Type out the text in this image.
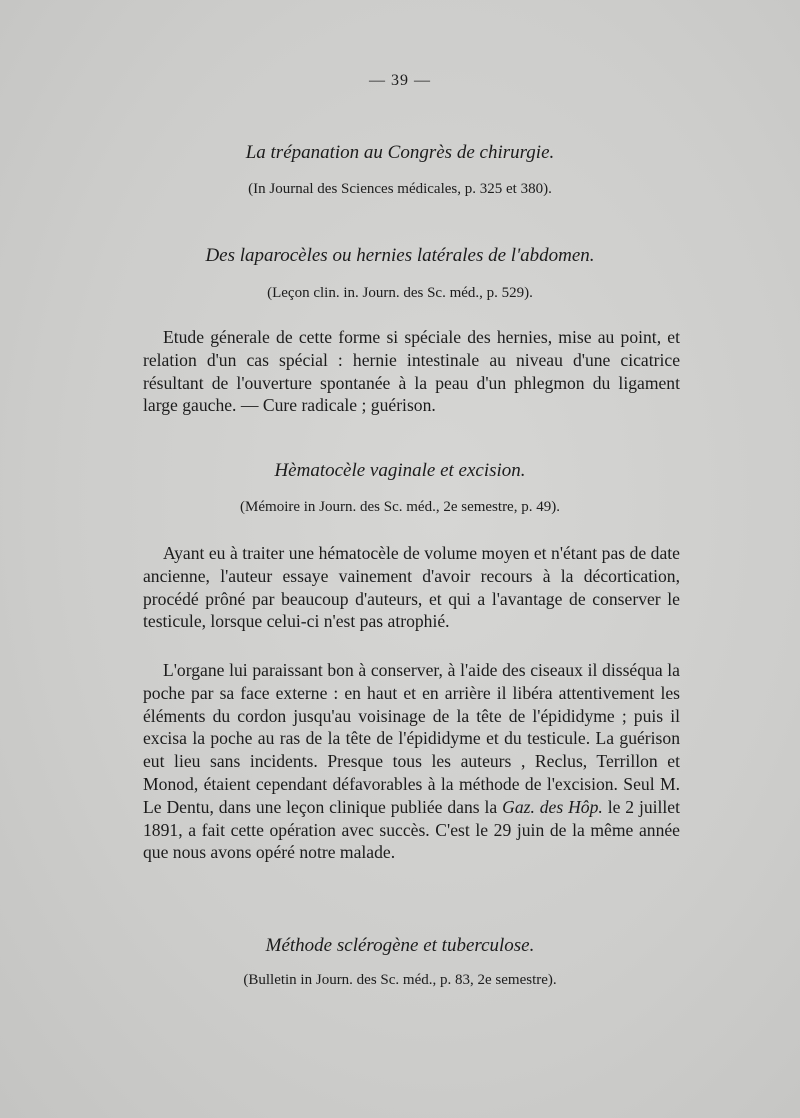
— 39 —
La trépanation au Congrès de chirurgie.
(In Journal des Sciences médicales, p. 325 et 380).
Des laparocèles ou hernies latérales de l'abdomen.
(Leçon clin. in. Journ. des Sc. méd., p. 529).

Etude génerale de cette forme si spéciale des hernies, mise au point, et relation d'un cas spécial : hernie intestinale au niveau d'une cicatrice résultant de l'ouverture spontanée à la peau d'un phlegmon du ligament large gauche. — Cure radicale ; guérison.

Hèmatocèle vaginale et excision.
(Mémoire in Journ. des Sc. méd., 2e semestre, p. 49).

Ayant eu à traiter une hématocèle de volume moyen et n'étant pas de date ancienne, l'auteur essaye vainement d'avoir recours à la décortication, procédé prôné par beaucoup d'auteurs, et qui a l'avantage de conserver le testicule, lorsque celui-ci n'est pas atrophié.

L'organe lui paraissant bon à conserver, à l'aide des ciseaux il disséqua la poche par sa face externe : en haut et en arrière il libéra attentivement les éléments du cordon jusqu'au voisinage de la tête de l'épididyme ; puis il excisa la poche au ras de la tête de l'épididyme et du testicule. La guérison eut lieu sans incidents. Presque tous les auteurs , Reclus, Terrillon et Monod, étaient cependant défavorables à la méthode de l'excision. Seul M. Le Dentu, dans une leçon clinique publiée dans la Gaz. des Hôp. le 2 juillet 1891, a fait cette opération avec succès. C'est le 29 juin de la même année que nous avons opéré notre malade.

Méthode sclérogène et tuberculose.
(Bulletin in Journ. des Sc. méd., p. 83, 2e semestre).
